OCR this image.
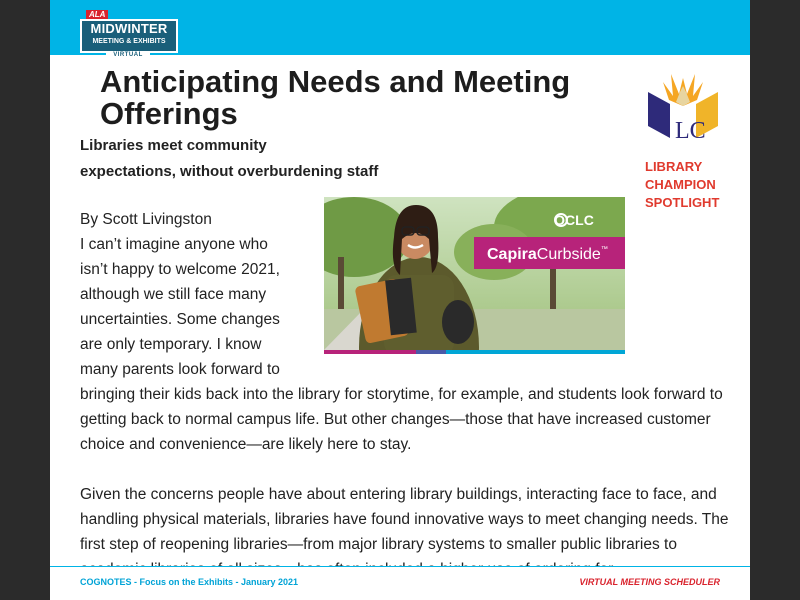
ALA
MIDWINTER
MEETING & EXHIBITS
VIRTUAL
Anticipating Needs and Meeting Offerings
Libraries meet community
expectations, without overburdening staff
LC
LIBRARY
CHAMPION
SPOTLIGHT
By Scott Livingston
I can’t imagine anyone who isn’t happy to welcome 2021, although we still face many uncertainties. Some changes are only temporary. I know many parents look forward to
bringing their kids back into the library for storytime, for example, and students look forward to getting back to normal campus life. But other changes—those that have increased customer choice and convenience—are likely here to stay.
Given the concerns people have about entering library buildings, interacting face to face, and handling physical materials, libraries have found innovative ways to meet changing needs. The first step of reopening libraries—from major library systems to smaller public libraries to
OCLC
CapiraCurbside™
COGNOTES - Focus on the Exhibits - January 2021	VIRTUAL MEETING SCHEDULER
